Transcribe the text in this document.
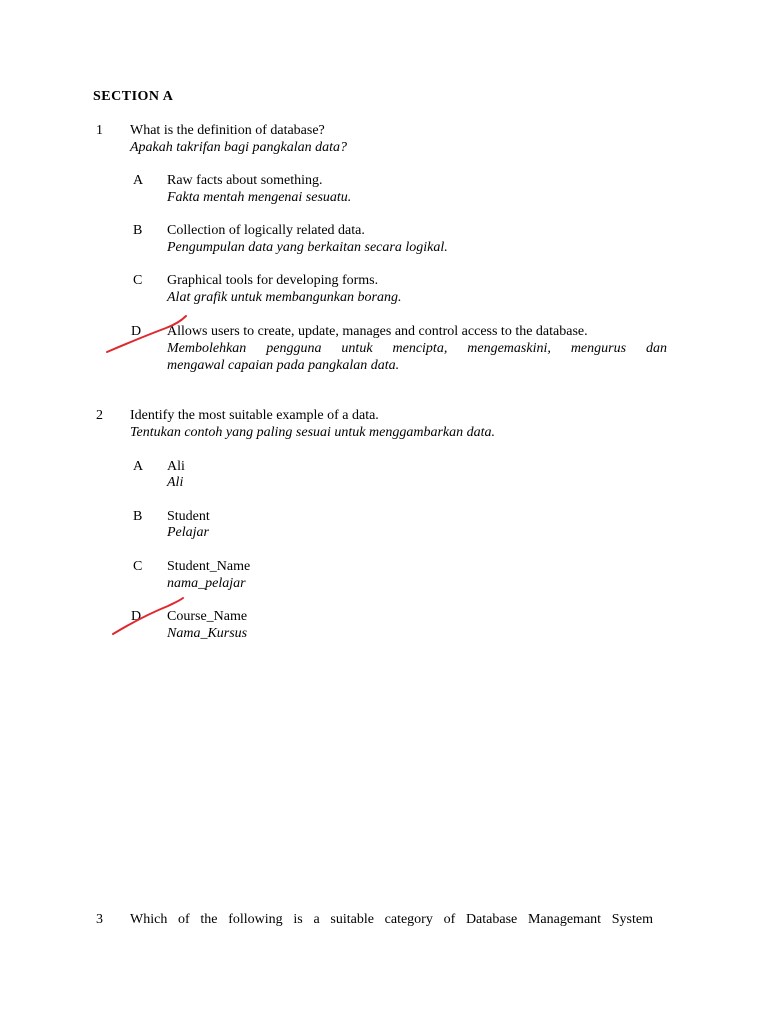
SECTION A
1 What is the definition of database?
Apakah takrifan bagi pangkalan data?
A Raw facts about something.
Fakta mentah mengenai sesuatu.
B Collection of logically related data.
Pengumpulan data yang berkaitan secara logikal.
C Graphical tools for developing forms.
Alat grafik untuk membangunkan borang.
D Allows users to create, update, manages and control access to the database.
Membolehkan pengguna untuk mencipta, mengemaskini, mengurus dan
mengawal capaian pada pangkalan data.
2 Identify the most suitable example of a data.
Tentukan contoh yang paling sesuai untuk menggambarkan data.
A Ali
Ali
B Student
Pelajar
C Student_Name
nama_pelajar
D Course_Name
Nama_Kursus
3 Which of the following is a suitable category of Database Managemant System
